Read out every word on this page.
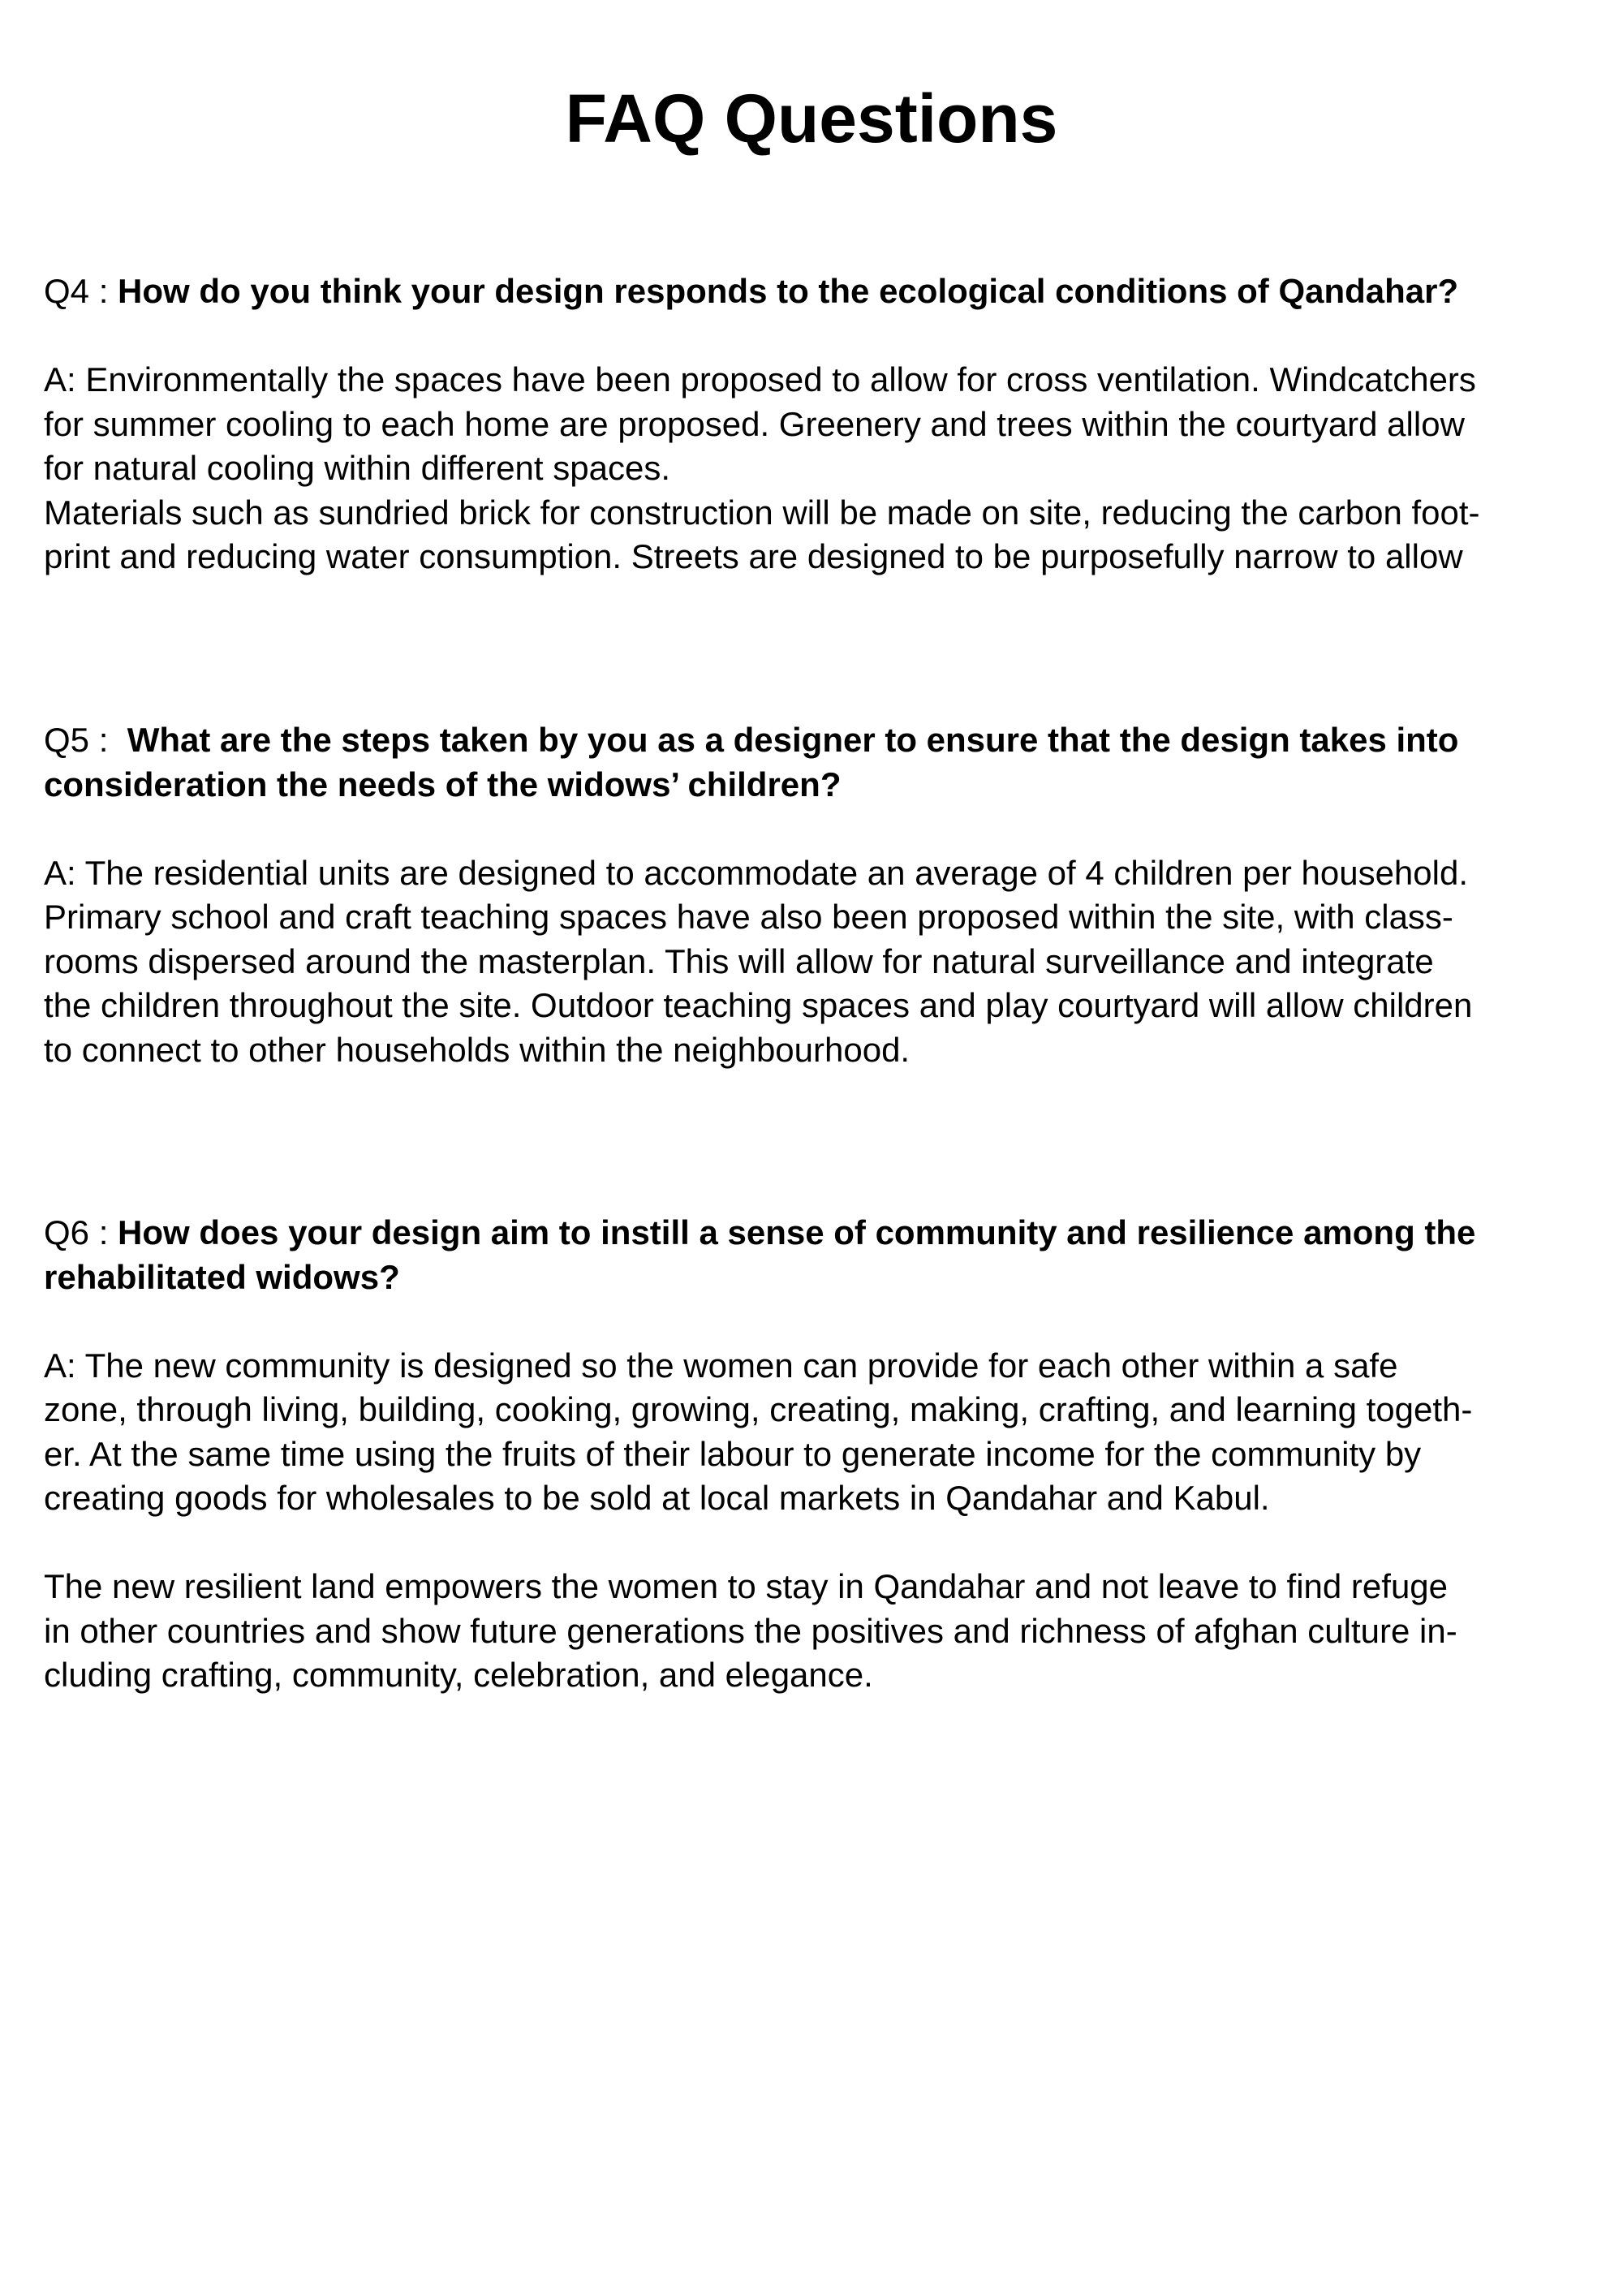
FAQ Questions
Q4 : How do you think your design responds to the ecological conditions of Qandahar?
A: Environmentally the spaces have been proposed to allow for cross ventilation. Windcatchers
for summer cooling to each home are proposed. Greenery and trees within the courtyard allow
for natural cooling within different spaces.
Materials such as sundried brick for construction will be made on site, reducing the carbon foot-
print and reducing water consumption. Streets are designed to be purposefully narrow to allow
Q5 :  What are the steps taken by you as a designer to ensure that the design takes into
consideration the needs of the widows’ children?
A: The residential units are designed to accommodate an average of 4 children per household.
Primary school and craft teaching spaces have also been proposed within the site, with class-
rooms dispersed around the masterplan. This will allow for natural surveillance and integrate
the children throughout the site. Outdoor teaching spaces and play courtyard will allow children
to connect to other households within the neighbourhood.
Q6 : How does your design aim to instill a sense of community and resilience among the
rehabilitated widows?
A: The new community is designed so the women can provide for each other within a safe
zone, through living, building, cooking, growing, creating, making, crafting, and learning togeth-
er. At the same time using the fruits of their labour to generate income for the community by
creating goods for wholesales to be sold at local markets in Qandahar and Kabul.
The new resilient land empowers the women to stay in Qandahar and not leave to find refuge
in other countries and show future generations the positives and richness of afghan culture in-
cluding crafting, community, celebration, and elegance.
